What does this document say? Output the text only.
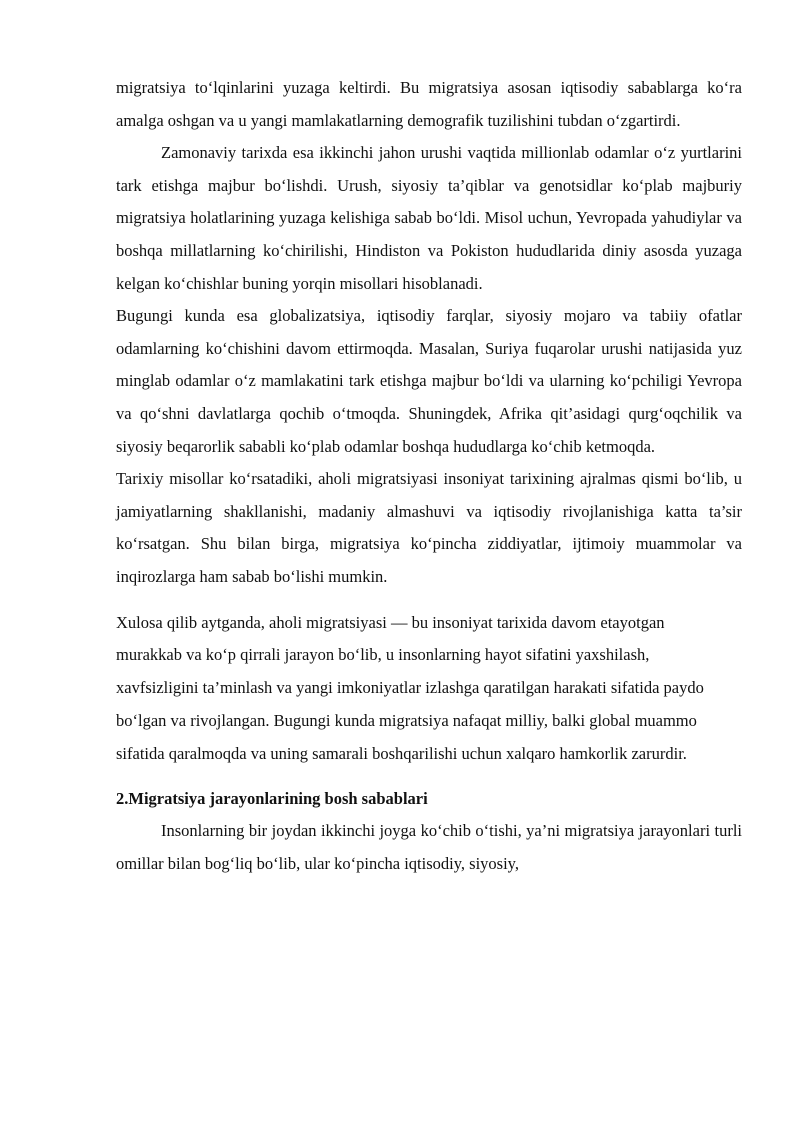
migratsiya to‘lqinlarini yuzaga keltirdi. Bu migratsiya asosan iqtisodiy sabablarga ko‘ra amalga oshgan va u yangi mamlakatlarning demografik tuzilishini tubdan o‘zgartirdi.

Zamonaviy tarixda esa ikkinchi jahon urushi vaqtida millionlab odamlar o‘z yurtlarini tark etishga majbur bo‘lishdi. Urush, siyosiy ta’qiblar va genotsidlar ko‘plab majburiy migratsiya holatlarining yuzaga kelishiga sabab bo‘ldi. Misol uchun, Yevropada yahudiylar va boshqa millatlarning ko‘chirilishi, Hindiston va Pokiston hududlarida diniy asosda yuzaga kelgan ko‘chishlar buning yorqin misollari hisoblanadi.

Bugungi kunda esa globalizatsiya, iqtisodiy farqlar, siyosiy mojaro va tabiiy ofatlar odamlarning ko‘chishini davom ettirmoqda. Masalan, Suriya fuqarolar urushi natijasida yuz minglab odamlar o‘z mamlakatini tark etishga majbur bo‘ldi va ularning ko‘pchiligi Yevropa va qo‘shni davlatlarga qochib o‘tmoqda. Shuningdek, Afrika qit’asidagi qurg‘oqchilik va siyosiy beqarorlik sababli ko‘plab odamlar boshqa hududlarga ko‘chib ketmoqda.

Tarixiy misollar ko‘rsatadiki, aholi migratsiyasi insoniyat tarixining ajralmas qismi bo‘lib, u jamiyatlarning shakllanishi, madaniy almashuvi va iqtisodiy rivojlanishiga katta ta’sir ko‘rsatgan. Shu bilan birga, migratsiya ko‘pincha ziddiyatlar, ijtimoiy muammolar va inqirozlarga ham sabab bo‘lishi mumkin.

Xulosa qilib aytganda, aholi migratsiyasi — bu insoniyat tarixida davom etayotgan murakkab va ko‘p qirrali jarayon bo‘lib, u insonlarning hayot sifatini yaxshilash, xavfsizligini ta’minlash va yangi imkoniyatlar izlashga qaratilgan harakati sifatida paydo bo‘lgan va rivojlangan. Bugungi kunda migratsiya nafaqat milliy, balki global muammo sifatida qaralmoqda va uning samarali boshqarilishi uchun xalqaro hamkorlik zarurdir.

2.Migratsiya jarayonlarining bosh sabablari

Insonlarning bir joydan ikkinchi joyga ko‘chib o‘tishi, ya’ni migratsiya jarayonlari turli omillar bilan bog‘liq bo‘lib, ular ko‘pincha iqtisodiy, siyosiy,
